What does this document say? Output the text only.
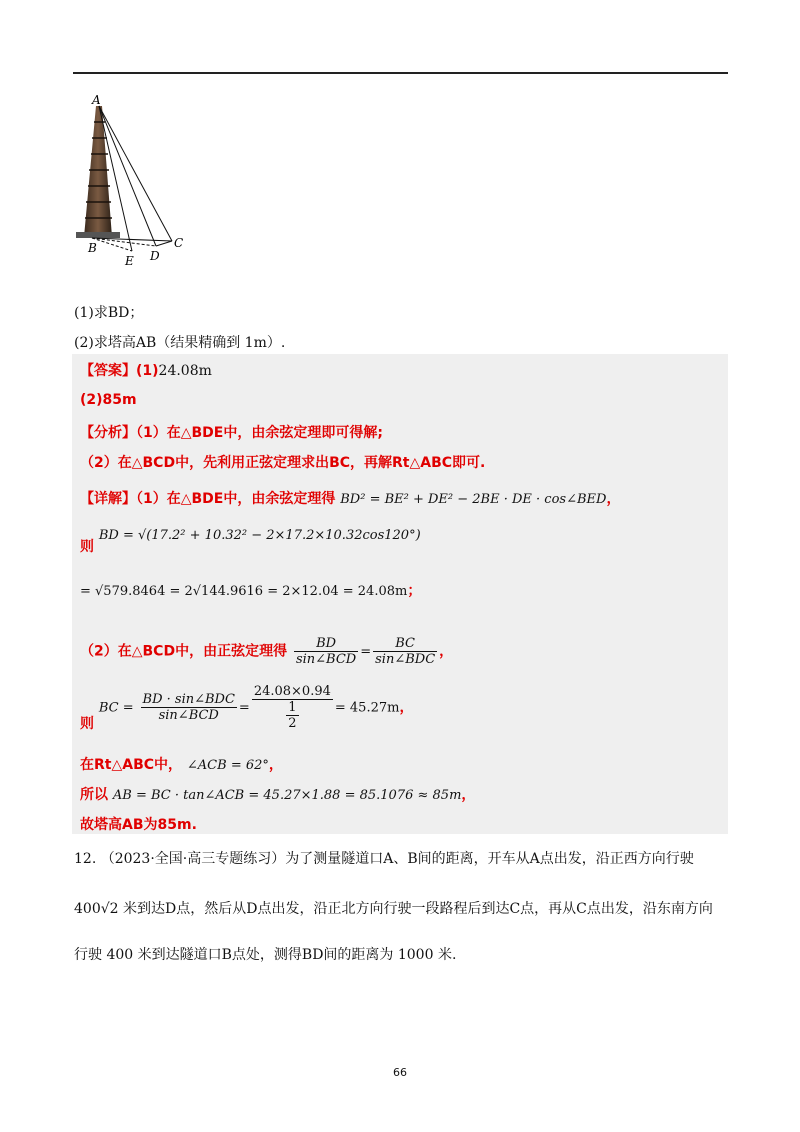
A
B	C
D
E
(1)求BD；
(2)求塔高AB（结果精确到 1m）.
【答案】(1)24.08m
(2)85m
【分析】（1）在△BDE中，由余弦定理即可得解;
（2）在△BCD中，先利用正弦定理求出BC，再解Rt△ABC即可.
【详解】（1）在△BDE中，由余弦定理得 BD² = BE² + DE² − 2BE · DE · cos∠BED，
则 BD = √(17.2² + 10.32² − 2×17.2×10.32cos120°)
= √579.8464 = 2√144.9616 = 2×12.04 = 24.08m；
（2）在△BCD中，由正弦定理得 $\frac{BD}{\text{sin∠BCD}} = \frac{BC}{\text{sin∠BDC}}$ ，
则 BC = $\frac{\text{BD · sin∠BDC}}{\text{sin∠BCD}} = \frac{24.08\times 0.94}{\frac{1}{2}} = 45.27m$，
在Rt△ABC中， ∠ACB = 62°，
所以 AB = BC · tan∠ACB = 45.27×1.88 = 85.1076 ≈ 85m，
故塔高AB为85m.
12. （2023·全国·高三专题练习）为了测量隧道口A、B间的距离，开车从A点出发，沿正西方向行驶
400√2 米到达D点，然后从D点出发，沿正北方向行驶一段路程后到达C点，再从C点出发，沿东南方向
行驶 400 米到达隧道口B点处，测得BD间的距离为 1000 米.
66
